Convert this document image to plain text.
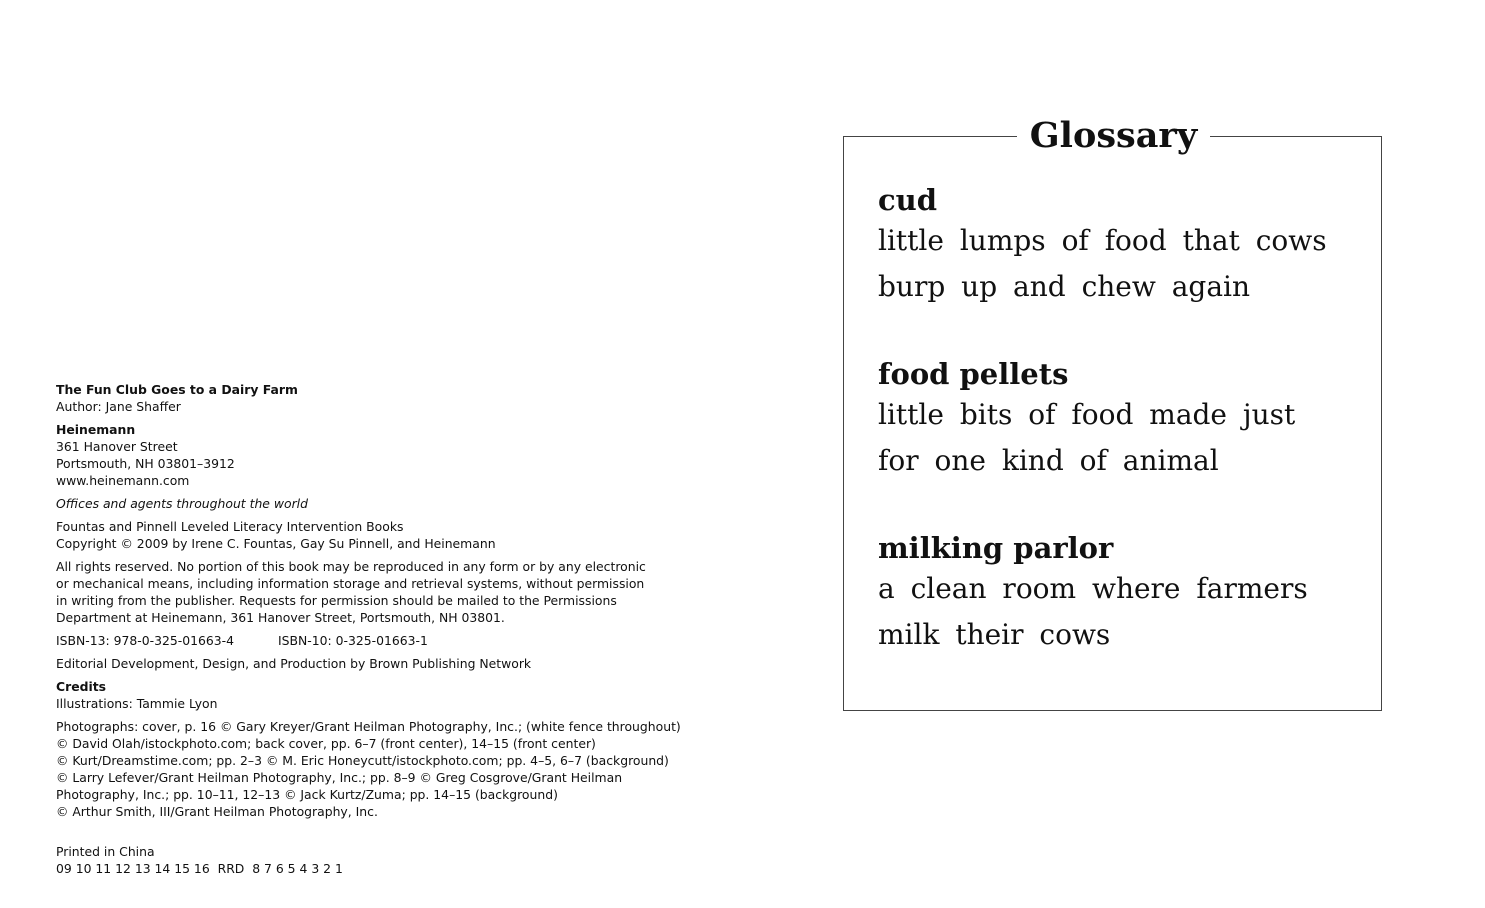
The Fun Club Goes to a Dairy Farm
Author: Jane Shaffer

Heinemann
361 Hanover Street
Portsmouth, NH 03801–3912
www.heinemann.com

Offices and agents throughout the world

Fountas and Pinnell Leveled Literacy Intervention Books
Copyright © 2009 by Irene C. Fountas, Gay Su Pinnell, and Heinemann

All rights reserved. No portion of this book may be reproduced in any form or by any electronic
or mechanical means, including information storage and retrieval systems, without permission
in writing from the publisher. Requests for permission should be mailed to the Permissions
Department at Heinemann, 361 Hanover Street, Portsmouth, NH 03801.

ISBN-13: 978-0-325-01663-4	ISBN-10: 0-325-01663-1

Editorial Development, Design, and Production by Brown Publishing Network

Credits
Illustrations: Tammie Lyon

Photographs: cover, p. 16 © Gary Kreyer/Grant Heilman Photography, Inc.; (white fence throughout)
© David Olah/istockphoto.com; back cover, pp. 6–7 (front center), 14–15 (front center)
© Kurt/Dreamstime.com; pp. 2–3 © M. Eric Honeycutt/istockphoto.com; pp. 4–5, 6–7 (background)
© Larry Lefever/Grant Heilman Photography, Inc.; pp. 8–9 © Greg Cosgrove/Grant Heilman
Photography, Inc.; pp. 10–11, 12–13 © Jack Kurtz/Zuma; pp. 14–15 (background)
© Arthur Smith, III/Grant Heilman Photography, Inc.

Printed in China
09 10 11 12 13 14 15 16  RRD  8 7 6 5 4 3 2 1

Glossary
cud
little lumps of food that cows
burp up and chew again
food pellets
little bits of food made just
for one kind of animal
milking parlor
a clean room where farmers
milk their cows
